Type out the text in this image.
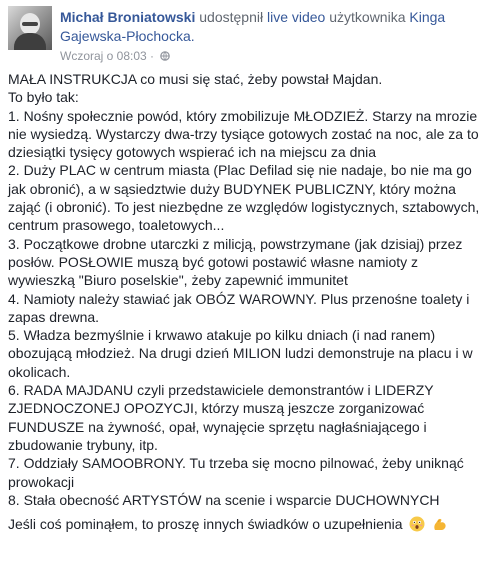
Michał Broniatowski udostępnił live video użytkownika Kinga Gajewska-Płochocka.
Wczoraj o 08:03 ·

MAŁA INSTRUKCJA co musi się stać, żeby powstał Majdan.

To było tak:

1. Nośny społecznie powód, który zmobilizuje MŁODZIEŻ. Starzy na mrozie nie wysiedzą. Wystarczy dwa-trzy tysiące gotowych zostać na noc, ale za to dziesiątki tysięcy gotowych wspierać ich na miejscu za dnia

2. Duży PLAC w centrum miasta (Plac Defilad się nie nadaje, bo nie ma go jak obronić), a w sąsiedztwie duży BUDYNEK PUBLICZNY, który można zająć (i obronić). To jest niezbędne ze względów logistycznych, sztabowych, centrum prasowego, toaletowych...

3. Początkowe drobne utarczki z milicją, powstrzymane (jak dzisiaj) przez posłów. POSŁOWIE muszą być gotowi postawić własne namioty z wywieszką "Biuro poselskie", żeby zapewnić immunitet

4. Namioty należy stawiać jak OBÓZ WAROWNY. Plus przenośne toalety i zapas drewna.

5. Władza bezmyślnie i krwawo atakuje po kilku dniach (i nad ranem) obozującą młodzież. Na drugi dzień MILION ludzi demonstruje na placu i w okolicach.

6. RADA MAJDANU czyli przedstawiciele demonstrantów i LIDERZY ZJEDNOCZONEJ OPOZYCJI, którzy muszą jeszcze zorganizować FUNDUSZE na żywność, opał, wynajęcie sprzętu nagłaśniającego i zbudowanie trybuny, itp.

7. Oddziały SAMOOBRONY. Tu trzeba się mocno pilnować, żeby uniknąć prowokacji

8. Stała obecność ARTYSTÓW na scenie i wsparcie DUCHOWNYCH

Jeśli coś pominąłem, to proszę innych świadków o uzupełnienia
